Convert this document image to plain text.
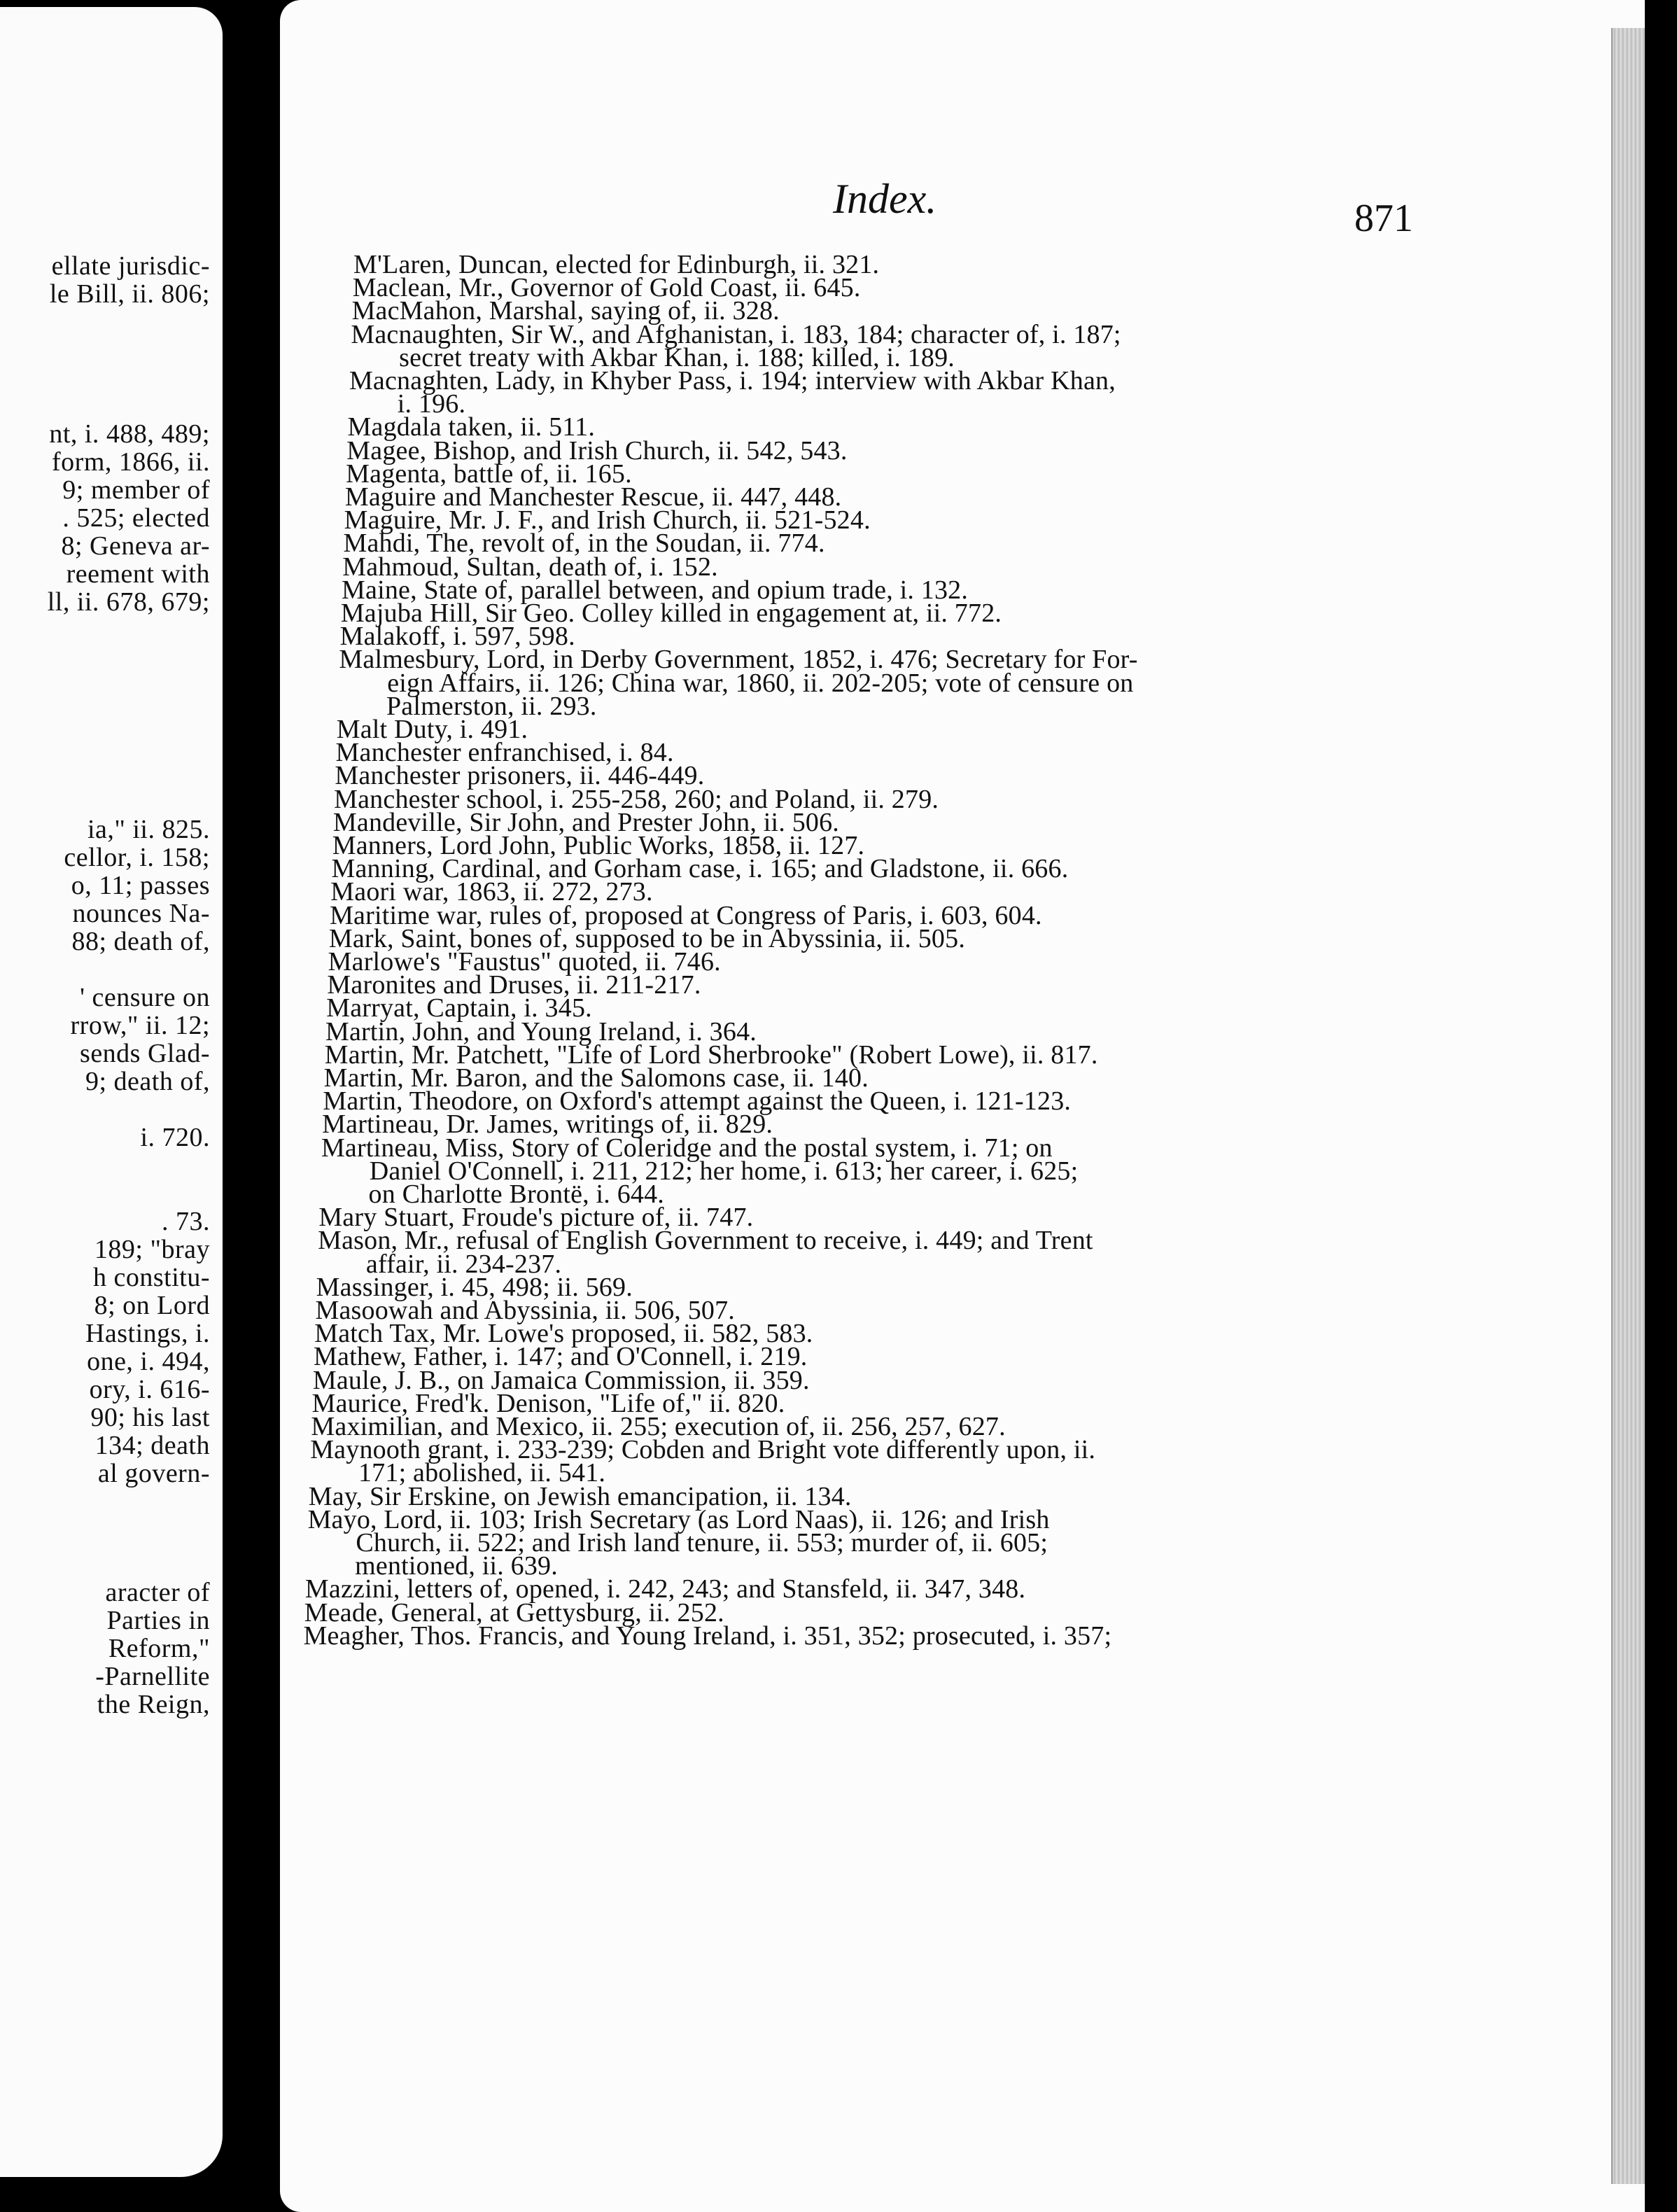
ellate jurisdic-
le Bill, ii. 806;
nt, i. 488, 489;
form, 1866, ii.
9; member of
. 525; elected
8; Geneva ar-
reement with
ll, ii. 678, 679;
ia," ii. 825.
cellor, i. 158;
o, 11; passes
nounces Na-
88; death of,
' censure on
rrow," ii. 12;
sends Glad-
9; death of,
i. 720.
. 73.
189; "bray
h constitu-
8; on Lord
Hastings, i.
one, i. 494,
ory, i. 616-
90; his last
134; death
al govern-
aracter of
Parties in
Reform,"
-Parnellite
the Reign,
Index.	871
M'Laren, Duncan, elected for Edinburgh, ii. 321.
Maclean, Mr., Governor of Gold Coast, ii. 645.
MacMahon, Marshal, saying of, ii. 328.
Macnaughten, Sir W., and Afghanistan, i. 183, 184; character of, i. 187;
secret treaty with Akbar Khan, i. 188; killed, i. 189.
Macnaghten, Lady, in Khyber Pass, i. 194; interview with Akbar Khan,
i. 196.
Magdala taken, ii. 511.
Magee, Bishop, and Irish Church, ii. 542, 543.
Magenta, battle of, ii. 165.
Maguire and Manchester Rescue, ii. 447, 448.
Maguire, Mr. J. F., and Irish Church, ii. 521-524.
Mahdi, The, revolt of, in the Soudan, ii. 774.
Mahmoud, Sultan, death of, i. 152.
Maine, State of, parallel between, and opium trade, i. 132.
Majuba Hill, Sir Geo. Colley killed in engagement at, ii. 772.
Malakoff, i. 597, 598.
Malmesbury, Lord, in Derby Government, 1852, i. 476; Secretary for For-
eign Affairs, ii. 126; China war, 1860, ii. 202-205; vote of censure on
Palmerston, ii. 293.
Malt Duty, i. 491.
Manchester enfranchised, i. 84.
Manchester prisoners, ii. 446-449.
Manchester school, i. 255-258, 260; and Poland, ii. 279.
Mandeville, Sir John, and Prester John, ii. 506.
Manners, Lord John, Public Works, 1858, ii. 127.
Manning, Cardinal, and Gorham case, i. 165; and Gladstone, ii. 666.
Maori war, 1863, ii. 272, 273.
Maritime war, rules of, proposed at Congress of Paris, i. 603, 604.
Mark, Saint, bones of, supposed to be in Abyssinia, ii. 505.
Marlowe's "Faustus" quoted, ii. 746.
Maronites and Druses, ii. 211-217.
Marryat, Captain, i. 345.
Martin, John, and Young Ireland, i. 364.
Martin, Mr. Patchett, "Life of Lord Sherbrooke" (Robert Lowe), ii. 817.
Martin, Mr. Baron, and the Salomons case, ii. 140.
Martin, Theodore, on Oxford's attempt against the Queen, i. 121-123.
Martineau, Dr. James, writings of, ii. 829.
Martineau, Miss, Story of Coleridge and the postal system, i. 71; on
Daniel O'Connell, i. 211, 212; her home, i. 613; her career, i. 625;
on Charlotte Brontë, i. 644.
Mary Stuart, Froude's picture of, ii. 747.
Mason, Mr., refusal of English Government to receive, i. 449; and Trent
affair, ii. 234-237.
Massinger, i. 45, 498; ii. 569.
Masoowah and Abyssinia, ii. 506, 507.
Match Tax, Mr. Lowe's proposed, ii. 582, 583.
Mathew, Father, i. 147; and O'Connell, i. 219.
Maule, J. B., on Jamaica Commission, ii. 359.
Maurice, Fred'k. Denison, "Life of," ii. 820.
Maximilian, and Mexico, ii. 255; execution of, ii. 256, 257, 627.
Maynooth grant, i. 233-239; Cobden and Bright vote differently upon, ii.
171; abolished, ii. 541.
May, Sir Erskine, on Jewish emancipation, ii. 134.
Mayo, Lord, ii. 103; Irish Secretary (as Lord Naas), ii. 126; and Irish
Church, ii. 522; and Irish land tenure, ii. 553; murder of, ii. 605;
mentioned, ii. 639.
Mazzini, letters of, opened, i. 242, 243; and Stansfeld, ii. 347, 348.
Meade, General, at Gettysburg, ii. 252.
Meagher, Thos. Francis, and Young Ireland, i. 351, 352; prosecuted, i. 357;
